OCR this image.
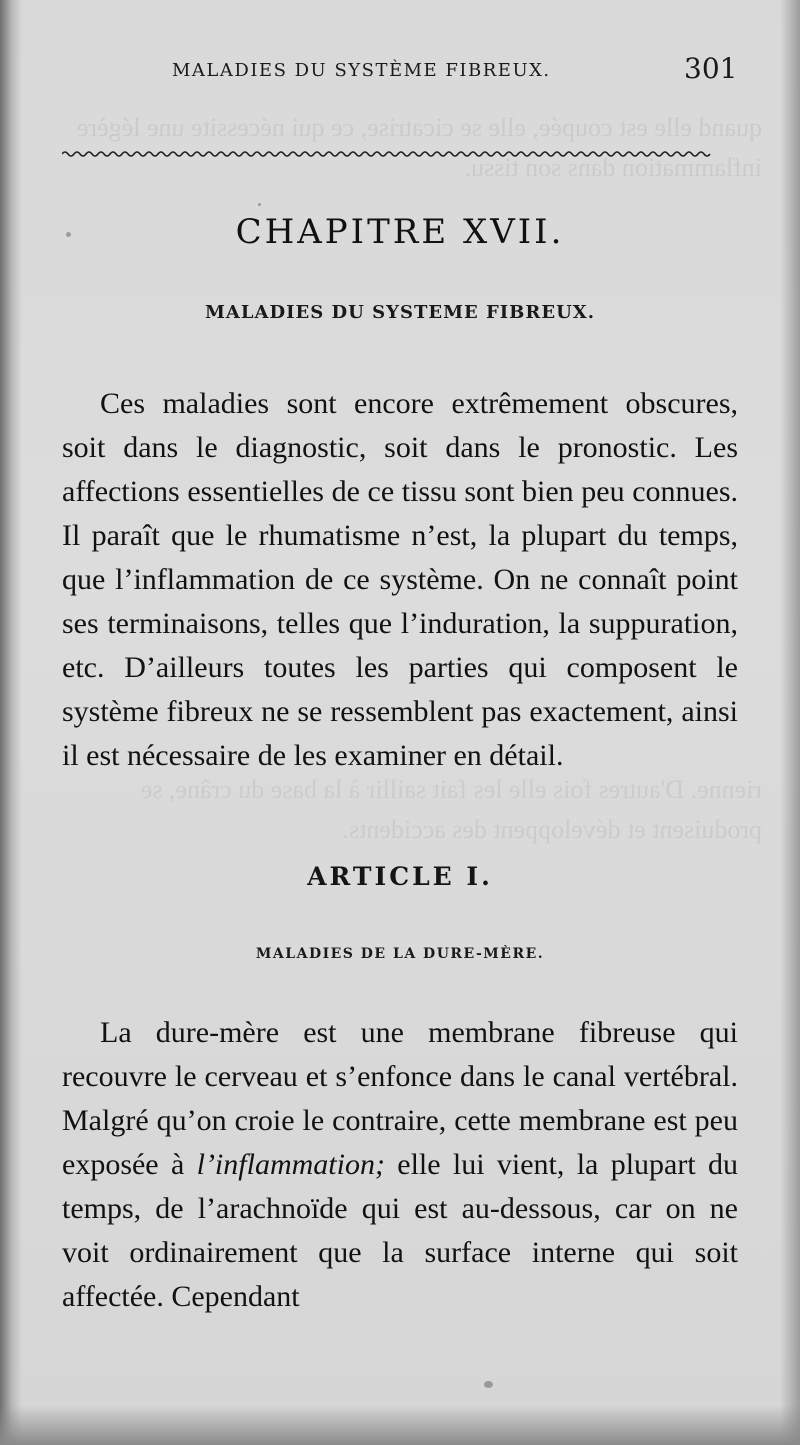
quand elle est coupée, elle se cicatrise, ce qui nécessite une légère inflammation dans son tissu.
rienne. D'autres fois elle les fait saillir à la base du crâne, se produisent et développent des accidents.
MALADIES DU SYSTÈME FIBREUX.	301
CHAPITRE XVII.
MALADIES DU SYSTEME FIBREUX.

Ces maladies sont encore extrêmement obscures, soit dans le diagnostic, soit dans le pronostic. Les affections essentielles de ce tissu sont bien peu connues. Il paraît que le rhumatisme n’est, la plupart du temps, que l’inflammation de ce système. On ne connaît point ses terminaisons, telles que l’induration, la suppuration, etc. D’ailleurs toutes les parties qui composent le système fibreux ne se ressemblent pas exactement, ainsi il est nécessaire de les examiner en détail.

ARTICLE I.
MALADIES DE LA DURE-MÈRE.

La dure-mère est une membrane fibreuse qui recouvre le cerveau et s’enfonce dans le canal vertébral. Malgré qu’on croie le contraire, cette membrane est peu exposée à l’inflammation; elle lui vient, la plupart du temps, de l’arachnoïde qui est au-dessous, car on ne voit ordinairement que la surface interne qui soit affectée. Cependant
